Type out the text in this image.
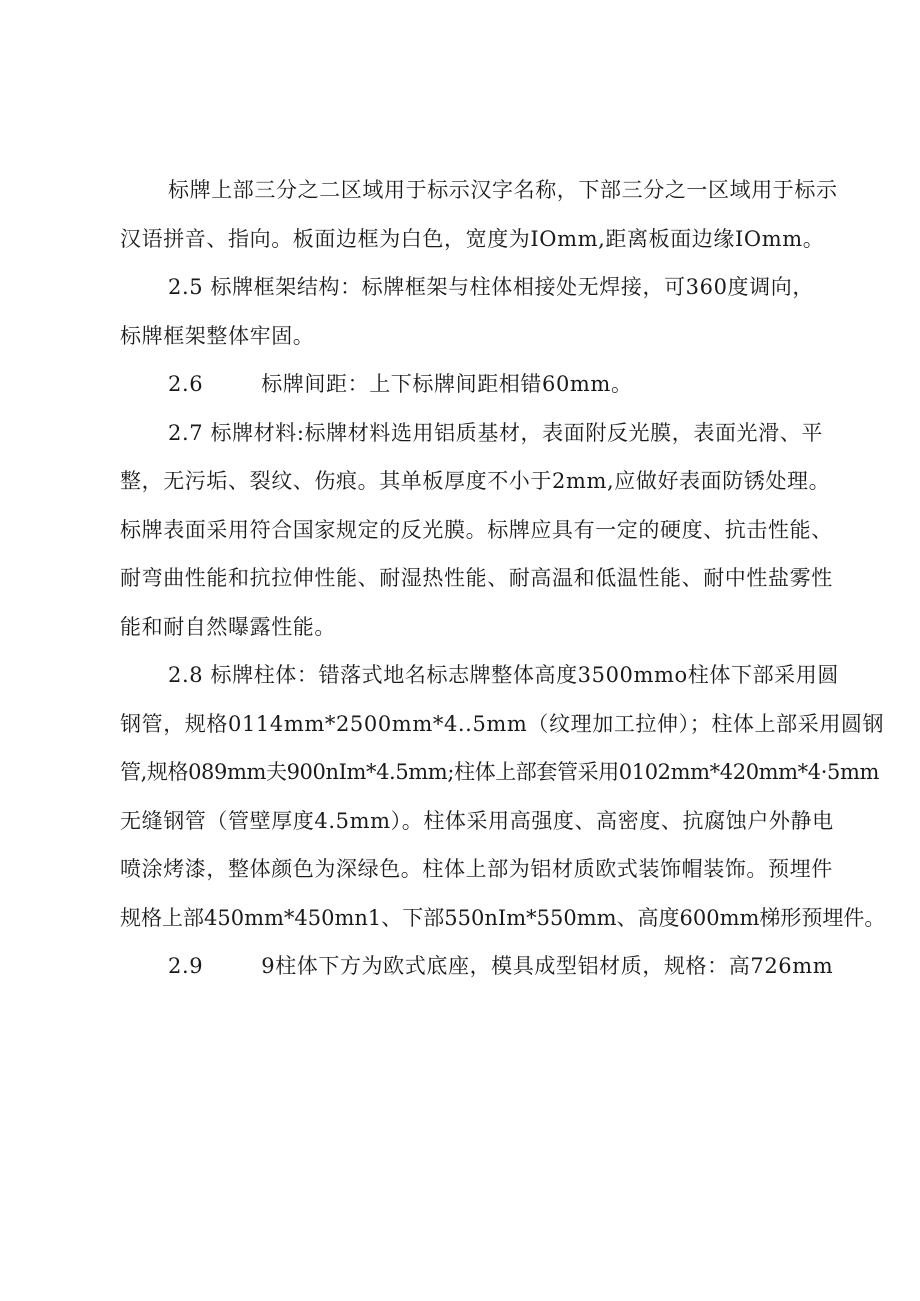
标牌上部三分之二区域用于标示汉字名称，下部三分之一区域用于标示
汉语拼音、指向。板面边框为白色，宽度为IOmm,距离板面边缘IOmm。
2.5 标牌框架结构：标牌框架与柱体相接处无焊接，可360度调向，
标牌框架整体牢固。
2.6	标牌间距：上下标牌间距相错60mm。
2.7 标牌材料:标牌材料选用铝质基材，表面附反光膜，表面光滑、平
整，无污垢、裂纹、伤痕。其单板厚度不小于2mm,应做好表面防锈处理。
标牌表面采用符合国家规定的反光膜。标牌应具有一定的硬度、抗击性能、
耐弯曲性能和抗拉伸性能、耐湿热性能、耐高温和低温性能、耐中性盐雾性
能和耐自然曝露性能。
2.8 标牌柱体：错落式地名标志牌整体高度3500mmo柱体下部采用圆
钢管，规格0114mm*2500mm*4..5mm（纹理加工拉伸）；柱体上部采用圆钢
管,规格089mm夫900nIm*4.5mm;柱体上部套管采用0102mm*420mm*4·5mm
无缝钢管（管壁厚度4.5mm）。柱体采用高强度、高密度、抗腐蚀户外静电
喷涂烤漆，整体颜色为深绿色。柱体上部为铝材质欧式装饰帽装饰。预埋件
规格上部450mm*450mn1、下部550nIm*550mm、高度600mm梯形预埋件。
2.9	9柱体下方为欧式底座，模具成型铝材质，规格：高726mm
